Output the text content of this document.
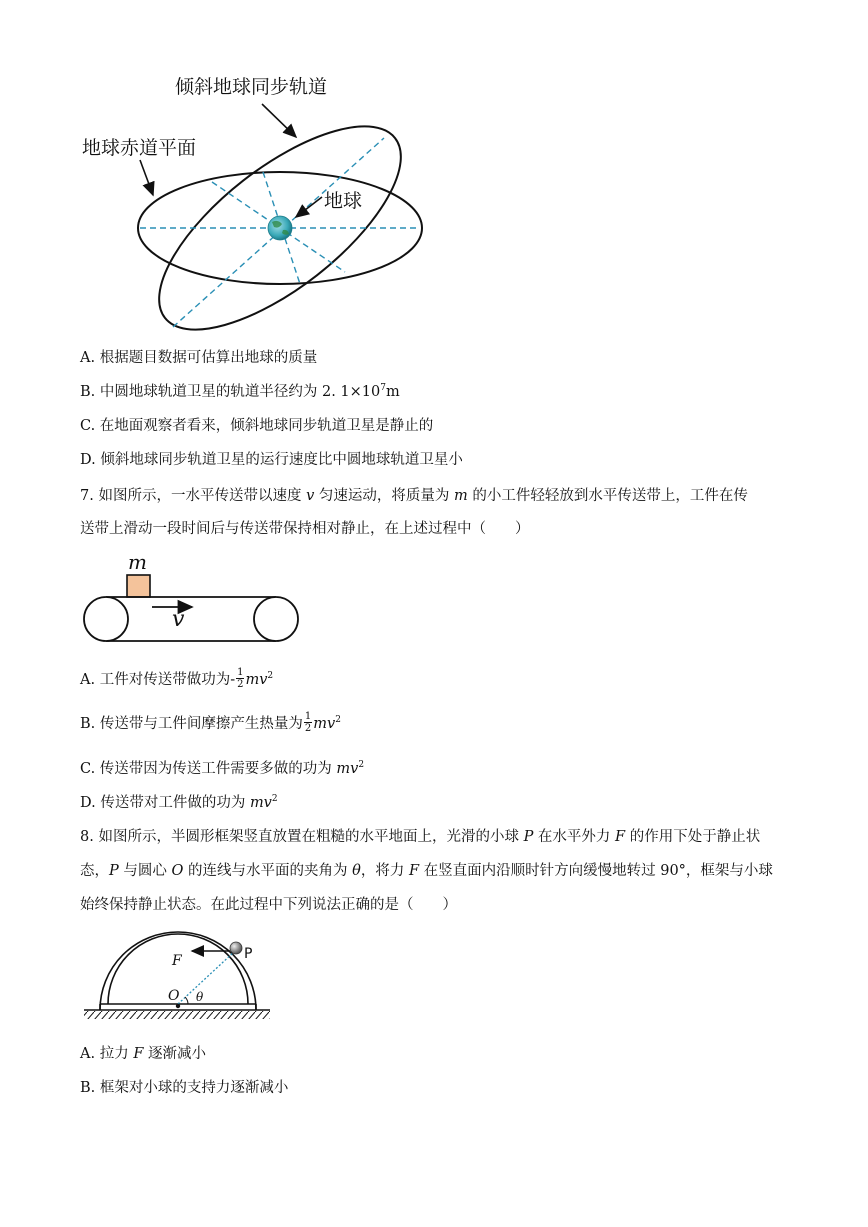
倾斜地球同步轨道
地球赤道平面
地球
A. 根据题目数据可估算出地球的质量
B. 中圆地球轨道卫星的轨道半径约为 2. $1\times 10^7m$
C. 在地面观察者看来，倾斜地球同步轨道卫星是静止的
D. 倾斜地球同步轨道卫星的运行速度比中圆地球轨道卫星小
7. 如图所示，一水平传送带以速度 v 匀速运动，将质量为 m 的小工件轻轻放到水平传送带上，工件在传
送带上滑动一段时间后与传送带保持相对静止，在上述过程中（　　）
m
v
A. 工件对传送带做功为- $\frac{1}{2} mv^2$
B. 传送带与工件间摩擦产生热量为 $\frac{1}{2} mv^2$
C. 传送带因为传送工件需要多做的功为 $mv^2$
D. 传送带对工件做的功为 $mv^2$
8. 如图所示，半圆形框架竖直放置在粗糙的水平地面上，光滑的小球 P 在水平外力 F 的作用下处于静止状
态，P 与圆心 O 的连线与水平面的夹角为 θ，将力 F 在竖直面内沿顺时针方向缓慢地转过 90°，框架与小球
始终保持静止状态。在此过程中下列说法正确的是（　　）
F	P
O θ
A. 拉力 F 逐渐减小
B. 框架对小球的支持力逐渐减小
